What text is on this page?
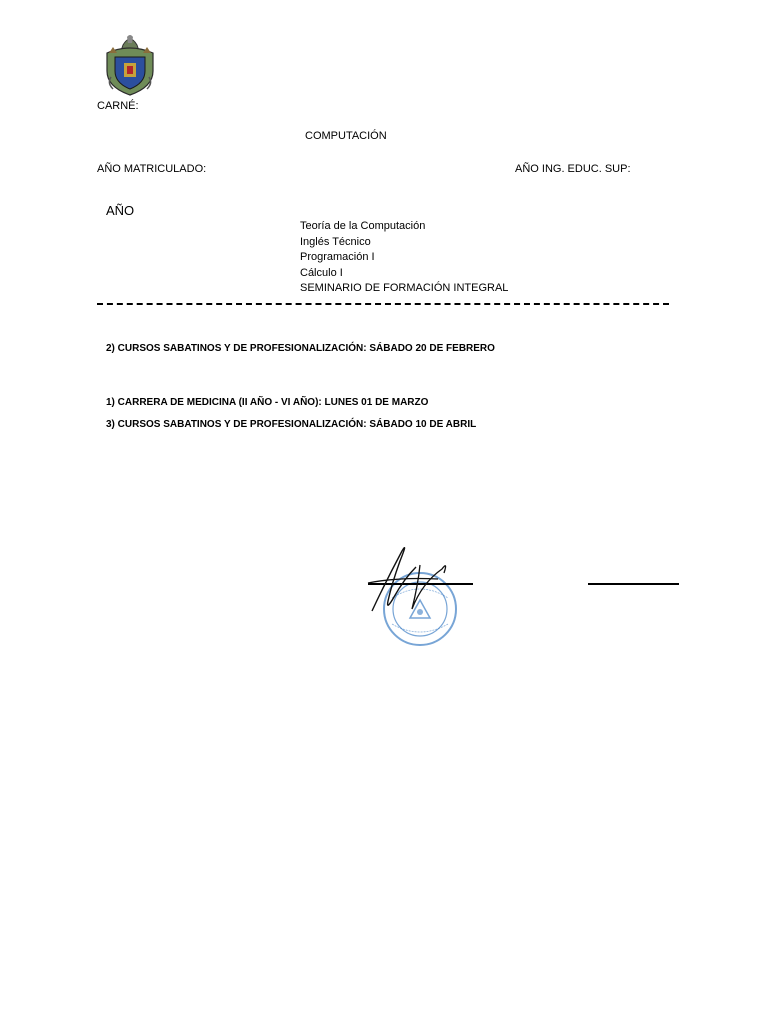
CARNÉ:
COMPUTACIÓN
AÑO MATRICULADO:	AÑO ING. EDUC. SUP:
AÑO
Teoría de la Computación
Inglés Técnico
Programación I
Cálculo I
SEMINARIO DE FORMACIÓN INTEGRAL
2) CURSOS SABATINOS Y DE PROFESIONALIZACIÓN: SÁBADO 20 DE FEBRERO
1) CARRERA DE MEDICINA (II AÑO - VI AÑO): LUNES 01 DE MARZO
3) CURSOS SABATINOS Y DE PROFESIONALIZACIÓN: SÁBADO 10 DE ABRIL
